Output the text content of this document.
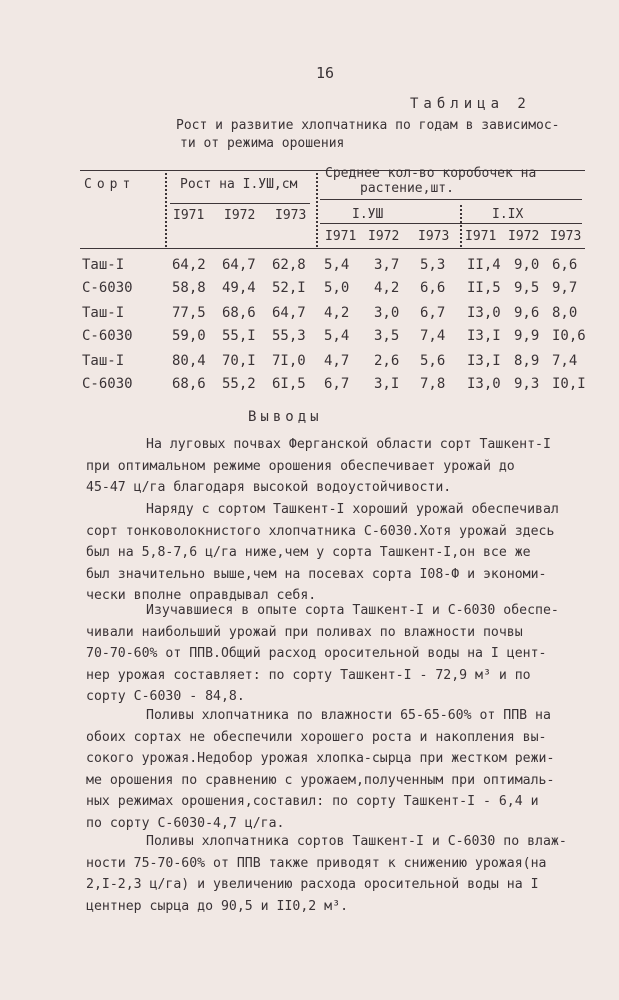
16
Таблица 2
Рост и развитие хлопчатника по годам в зависимос-
ти от режима орошения
Сорт	Рост на I.УШ,см
Среднее кол-во коробочек на
растение,шт.
I971 I972 I973	I.УШ	I.IX
I971 I972 I973 I971 I972 I973
Таш-I	64,2 64,7 62,8 5,4 3,7 5,3 II,4 9,0 6,6
С-6030	58,8 49,4 52,I 5,0 4,2 6,6 II,5 9,5 9,7
Таш-I	77,5 68,6 64,7 4,2 3,0 6,7 I3,0 9,6 8,0
С-6030	59,0 55,I 55,3 5,4 3,5 7,4 I3,I 9,9 I0,6
Таш-I	80,4 70,I 7I,0 4,7 2,6 5,6 I3,I 8,9 7,4
С-6030	68,6 55,2 6I,5 6,7 3,I 7,8 I3,0 9,3 I0,I
Выводы
На луговых почвах Ферганской области сорт Ташкент-I
при оптимальном режиме орошения обеспечивает урожай до
45-47 ц/га благодаря высокой водоустойчивости.
Наряду с сортом Ташкент-I хороший урожай обеспечивал
сорт тонковолокнистого хлопчатника С-6030.Хотя урожай здесь
был на 5,8-7,6 ц/га ниже,чем у сорта Ташкент-I,он все же
был значительно выше,чем на посевах сорта I08-Ф и экономи-
чески вполне оправдывал себя.
Изучавшиеся в опыте сорта Ташкент-I и С-6030 обеспе-
чивали наибольший урожай при поливах по влажности почвы
70-70-60% от ППВ.Общий расход оросительной воды на I цент-
нер урожая составляет: по сорту Ташкент-I - 72,9 м³ и по
сорту С-6030 - 84,8.
Поливы хлопчатника по влажности 65-65-60% от ППВ на
обоих сортах не обеспечили хорошего роста и накопления вы-
сокого урожая.Недобор урожая хлопка-сырца при жестком режи-
ме орошения по сравнению с урожаем,полученным при оптималь-
ных режимах орошения,составил: по сорту Ташкент-I - 6,4 и
по сорту С-6030-4,7 ц/га.
Поливы хлопчатника сортов Ташкент-I и С-6030 по влаж-
ности 75-70-60% от ППВ также приводят к снижению урожая(на
2,I-2,3 ц/га) и увеличению расхода оросительной воды на I
центнер сырца до 90,5 и II0,2 м³.
